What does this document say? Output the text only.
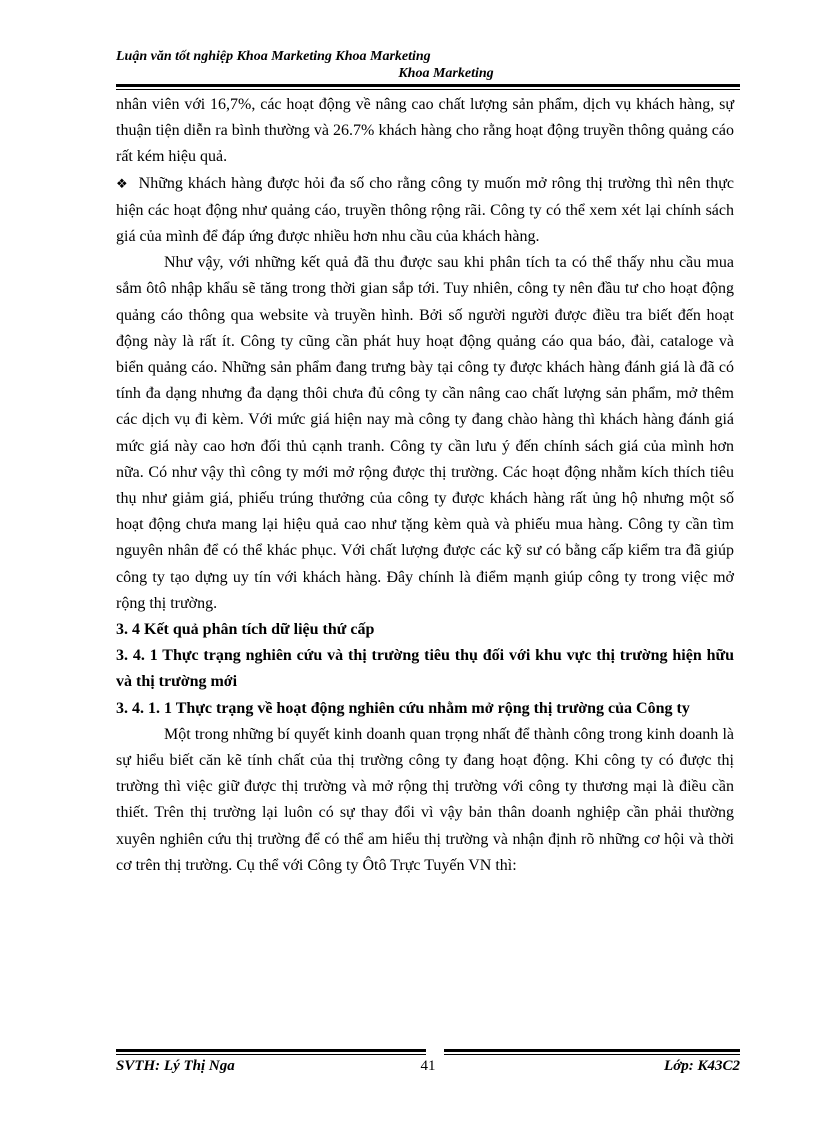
Luận văn tốt nghiệp Khoa Marketing Khoa Marketing
Khoa Marketing

nhân viên với 16,7%, các hoạt động về nâng cao chất lượng sản phẩm, dịch vụ khách hàng, sự thuận tiện diễn ra bình thường và 26.7% khách hàng cho rằng hoạt động truyền thông quảng cáo rất kém hiệu quả.

❖ Những khách hàng được hỏi đa số cho rằng công ty muốn mở rông thị trường thì nên thực hiện các hoạt động như quảng cáo, truyền thông rộng rãi. Công ty có thể xem xét lại chính sách giá của mình để đáp ứng được nhiều hơn nhu cầu của khách hàng.

Như vậy, với những kết quả đã thu được sau khi phân tích ta có thể thấy nhu cầu mua sắm ôtô nhập khẩu sẽ tăng trong thời gian sắp tới. Tuy nhiên, công ty nên đầu tư cho hoạt động quảng cáo thông qua website và truyền hình. Bởi số người người được điều tra biết đến hoạt động này là rất ít. Công ty cũng cần phát huy hoạt động quảng cáo qua báo, đài, cataloge và biển quảng cáo. Những sản phẩm đang trưng bày tại công ty được khách hàng đánh giá là đã có tính đa dạng nhưng đa dạng thôi chưa đủ công ty cần nâng cao chất lượng sản phẩm, mở thêm các dịch vụ đi kèm. Với mức giá hiện nay mà công ty đang chào hàng thì khách hàng đánh giá mức giá này cao hơn đối thủ cạnh tranh. Công ty cần lưu ý đến chính sách giá của mình hơn nữa. Có như vậy thì công ty mới mở rộng được thị trường. Các hoạt động nhằm kích thích tiêu thụ như giảm giá, phiếu trúng thưởng của công ty được khách hàng rất ủng hộ nhưng một số hoạt động chưa mang lại hiệu quả cao như tặng kèm quà và phiếu mua hàng. Công ty cần tìm nguyên nhân để có thể khác phục. Với chất lượng được các kỹ sư có bằng cấp kiểm tra đã giúp công ty tạo dựng uy tín với khách hàng. Đây chính là điểm mạnh giúp công ty trong việc mở rộng thị trường.

3. 4 Kết quả phân tích dữ liệu thứ cấp

3. 4. 1 Thực trạng nghiên cứu và thị trường tiêu thụ đối với khu vực thị trường hiện hữu và thị trường mới

3. 4. 1. 1 Thực trạng về hoạt động nghiên cứu nhằm mở rộng thị trường của Công ty

Một trong những bí quyết kinh doanh quan trọng nhất để thành công trong kinh doanh là sự hiểu biết căn kẽ tính chất của thị trường công ty đang hoạt động. Khi công ty có được thị trường thì việc giữ được thị trường và mở rộng thị trường với công ty thương mại là điều cần thiết. Trên thị trường lại luôn có sự thay đổi vì vậy bản thân doanh nghiệp cần phải thường xuyên nghiên cứu thị trường để có thể am hiểu thị trường và nhận định rõ những cơ hội và thời cơ trên thị trường. Cụ thể với Công ty Ôtô Trực Tuyến VN thì:

SVTH: Lý Thị Nga	41	Lớp: K43C2
